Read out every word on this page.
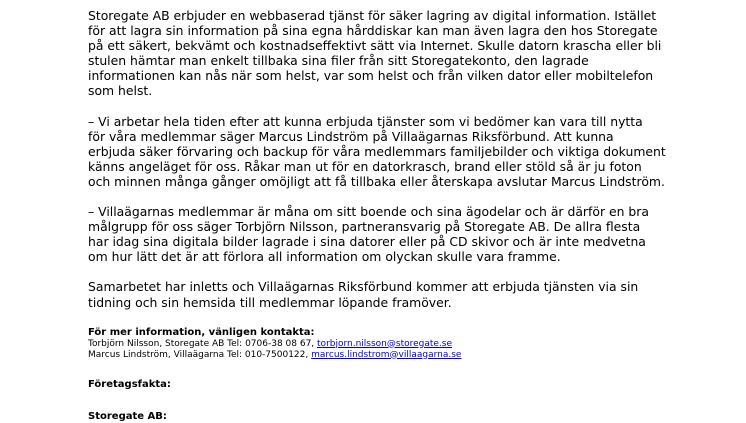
Storegate AB erbjuder en webbaserad tjänst för säker lagring av digital information. Istället
för att lagra sin information på sina egna hårddiskar kan man även lagra den hos Storegate
på ett säkert, bekvämt och kostnadseffektivt sätt via Internet. Skulle datorn krascha eller bli
stulen hämtar man enkelt tillbaka sina filer från sitt Storegatekonto, den lagrade
informationen kan nås när som helst, var som helst och från vilken dator eller mobiltelefon
som helst.

– Vi arbetar hela tiden efter att kunna erbjuda tjänster som vi bedömer kan vara till nytta
för våra medlemmar säger Marcus Lindström på Villaägarnas Riksförbund. Att kunna
erbjuda säker förvaring och backup för våra medlemmars familjebilder och viktiga dokument
känns angeläget för oss. Råkar man ut för en datorkrasch, brand eller stöld så är ju foton
och minnen många gånger omöjligt att få tillbaka eller återskapa avslutar Marcus Lindström.

– Villaägarnas medlemmar är måna om sitt boende och sina ägodelar och är därför en bra
målgrupp för oss säger Torbjörn Nilsson, partneransvarig på Storegate AB. De allra flesta
har idag sina digitala bilder lagrade i sina datorer eller på CD skivor och är inte medvetna
om hur lätt det är att förlora all information om olyckan skulle vara framme.

Samarbetet har inletts och Villaägarnas Riksförbund kommer att erbjuda tjänsten via sin
tidning och sin hemsida till medlemmar löpande framöver.

För mer information, vänligen kontakta:
Torbjörn Nilsson, Storegate AB Tel: 0706-38 08 67, torbjorn.nilsson@storegate.se
Marcus Lindström, Villaägarna Tel: 010-7500122, marcus.lindstrom@villaagarna.se
Företagsfakta:
Storegate AB:
